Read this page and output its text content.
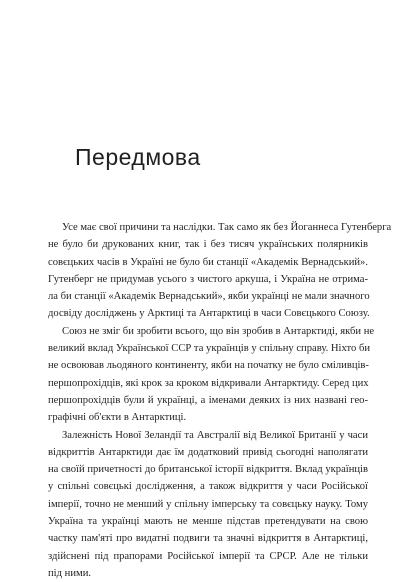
Передмова

Усе має свої причини та наслідки. Так само як без Йоганнеса Гутенберга
не було би друкованих книг, так і без тисяч українських полярників
совєцьких часів в Україні не було би станції «Академік Вернадський».
Гутенберг не придумав усього з чистого аркуша, і Україна не отрима-
ла би станції «Академік Вернадський», якби українці не мали значного
досвіду досліджень у Арктиці та Антарктиці в часи Совєцького Союзу.

Союз не зміг би зробити всього, що він зробив в Антарктиді, якби не
великий вклад Української ССР та українців у спільну справу. Ніхто би
не освоював льодяного континенту, якби на початку не було сміливців-
першопрохідців, які крок за кроком відкривали Антарктиду. Серед цих
першопрохідців були й українці, а іменами деяких із них названі гео-
графічні об'єкти в Антарктиці.

Залежність Нової Зеландії та Австралії від Великої Британії у часи
відкриттів Антарктиди дає їм додатковий привід сьогодні наполягати
на своїй причетності до британської історії відкриття. Вклад українців
у спільні совєцькі дослідження, а також відкриття у часи Російської
імперії, точно не менший у спільну імперську та совєцьку науку. Тому
Україна та українці мають не менше підстав претендувати на свою
частку пам'яті про видатні подвиги та значні відкриття в Антарктиці,
здійснені під прапорами Російської імперії та СРСР. Але не тільки
під ними.
